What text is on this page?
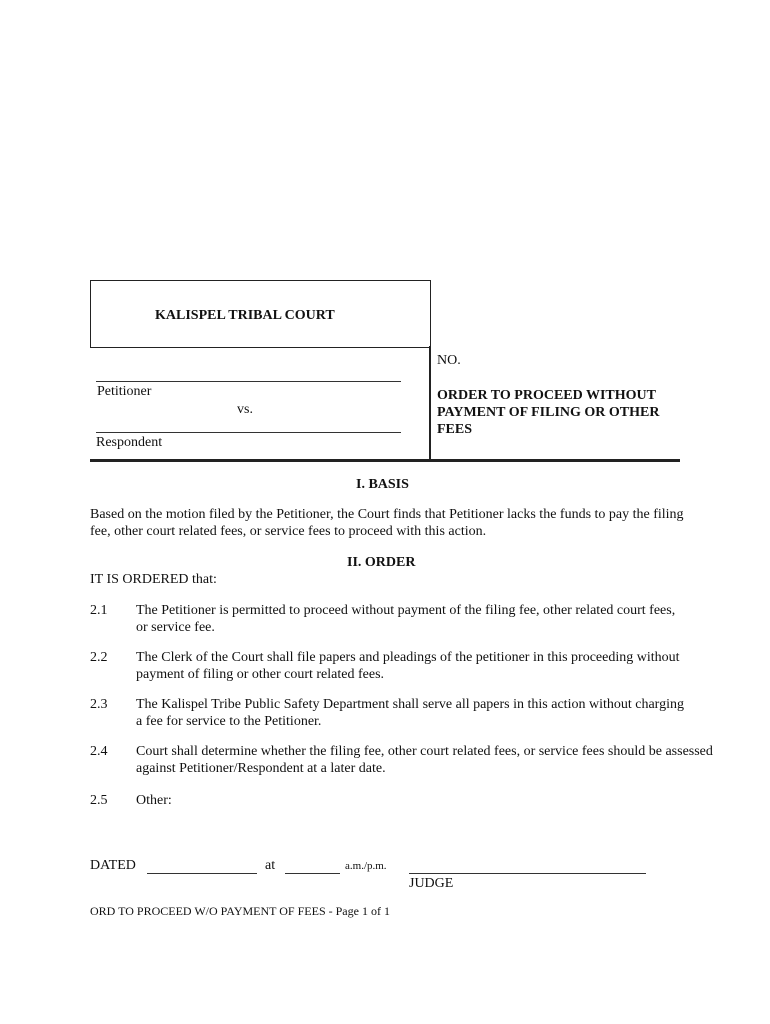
KALISPEL TRIBAL COURT
NO.
Petitioner
vs.
Respondent
ORDER TO PROCEED WITHOUT
PAYMENT OF FILING OR OTHER
FEES
I. BASIS
Based on the motion filed by the Petitioner, the Court finds that Petitioner lacks the funds to pay the filing
fee, other court related fees, or service fees to proceed with this action.
II. ORDER
IT IS ORDERED that:
2.1 The Petitioner is permitted to proceed without payment of the filing fee, other related court fees,
or service fee.
2.2 The Clerk of the Court shall file papers and pleadings of the petitioner in this proceeding without
payment of filing or other court related fees.
2.3 The Kalispel Tribe Public Safety Department shall serve all papers in this action without charging
a fee for service to the Petitioner.
2.4 Court shall determine whether the filing fee, other court related fees, or service fees should be assessed
against Petitioner/Respondent at a later date.
2.5 Other:
DATED	at	a.m./p.m.
JUDGE
ORD TO PROCEED W/O PAYMENT OF FEES - Page 1 of 1
